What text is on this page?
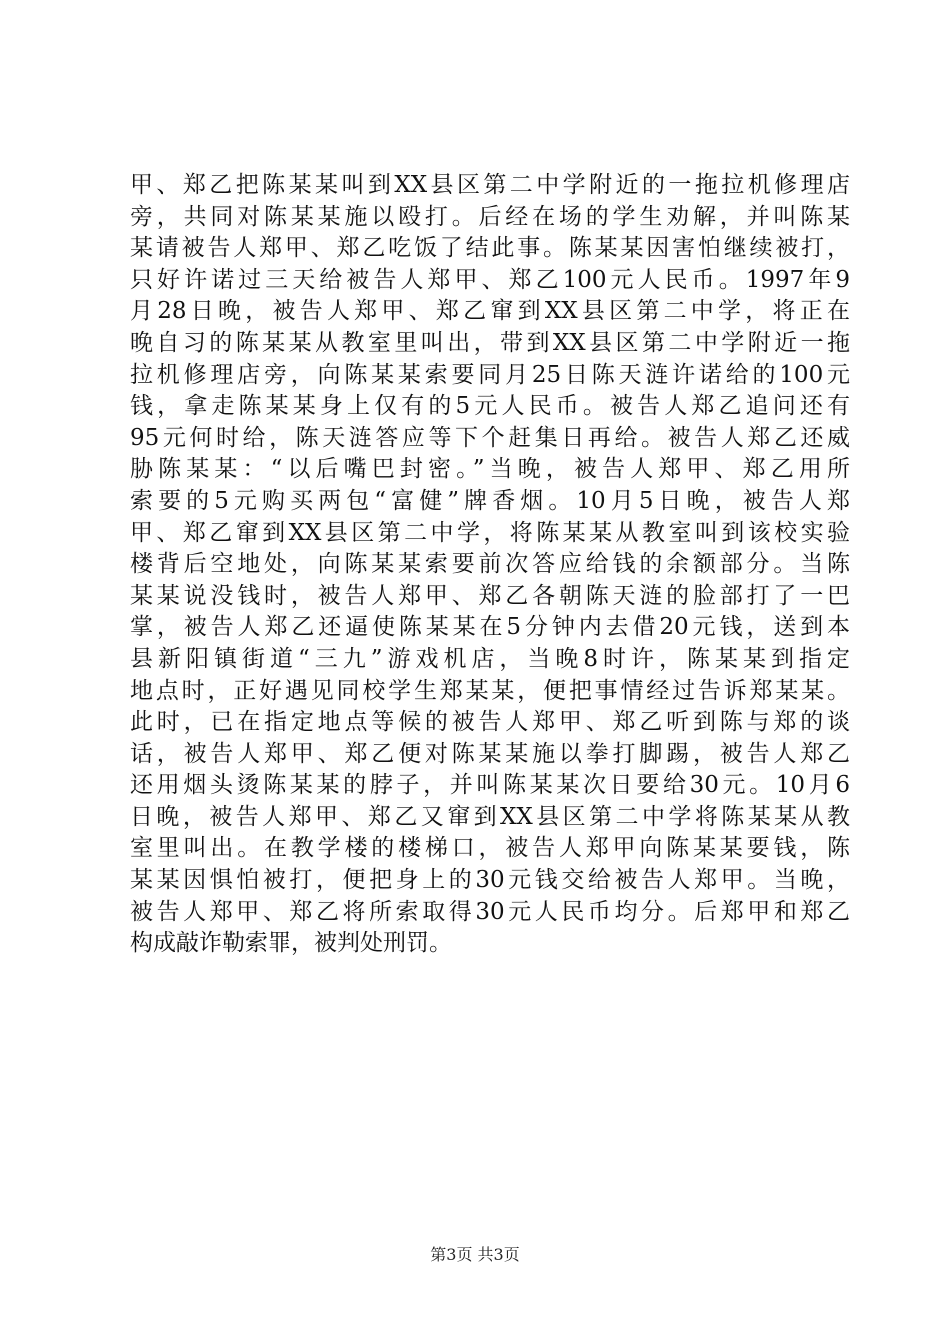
甲、郑乙把陈某某叫到XX县区第二中学附近的一拖拉机修理店
旁，共同对陈某某施以殴打。后经在场的学生劝解，并叫陈某
某请被告人郑甲、郑乙吃饭了结此事。陈某某因害怕继续被打，
只好许诺过三天给被告人郑甲、郑乙100元人民币。1997年9
月28日晚，被告人郑甲、郑乙窜到XX县区第二中学，将正在
晚自习的陈某某从教室里叫出，带到XX县区第二中学附近一拖
拉机修理店旁，向陈某某索要同月25日陈天涟许诺给的100元
钱，拿走陈某某身上仅有的5元人民币。被告人郑乙追问还有
95元何时给，陈天涟答应等下个赶集日再给。被告人郑乙还威
胁陈某某：“以后嘴巴封密。”当晚，被告人郑甲、郑乙用所
索要的5元购买两包“富健”牌香烟。10月5日晚，被告人郑
甲、郑乙窜到XX县区第二中学，将陈某某从教室叫到该校实验
楼背后空地处，向陈某某索要前次答应给钱的余额部分。当陈
某某说没钱时，被告人郑甲、郑乙各朝陈天涟的脸部打了一巴
掌，被告人郑乙还逼使陈某某在5分钟内去借20元钱，送到本
县新阳镇街道“三九”游戏机店，当晚8时许，陈某某到指定
地点时，正好遇见同校学生郑某某，便把事情经过告诉郑某某。
此时，已在指定地点等候的被告人郑甲、郑乙听到陈与郑的谈
话，被告人郑甲、郑乙便对陈某某施以拳打脚踢，被告人郑乙
还用烟头烫陈某某的脖子，并叫陈某某次日要给30元。10月6
日晚，被告人郑甲、郑乙又窜到XX县区第二中学将陈某某从教
室里叫出。在教学楼的楼梯口，被告人郑甲向陈某某要钱，陈
某某因惧怕被打，便把身上的30元钱交给被告人郑甲。当晚，
被告人郑甲、郑乙将所索取得30元人民币均分。后郑甲和郑乙
构成敲诈勒索罪，被判处刑罚。
第3页 共3页
